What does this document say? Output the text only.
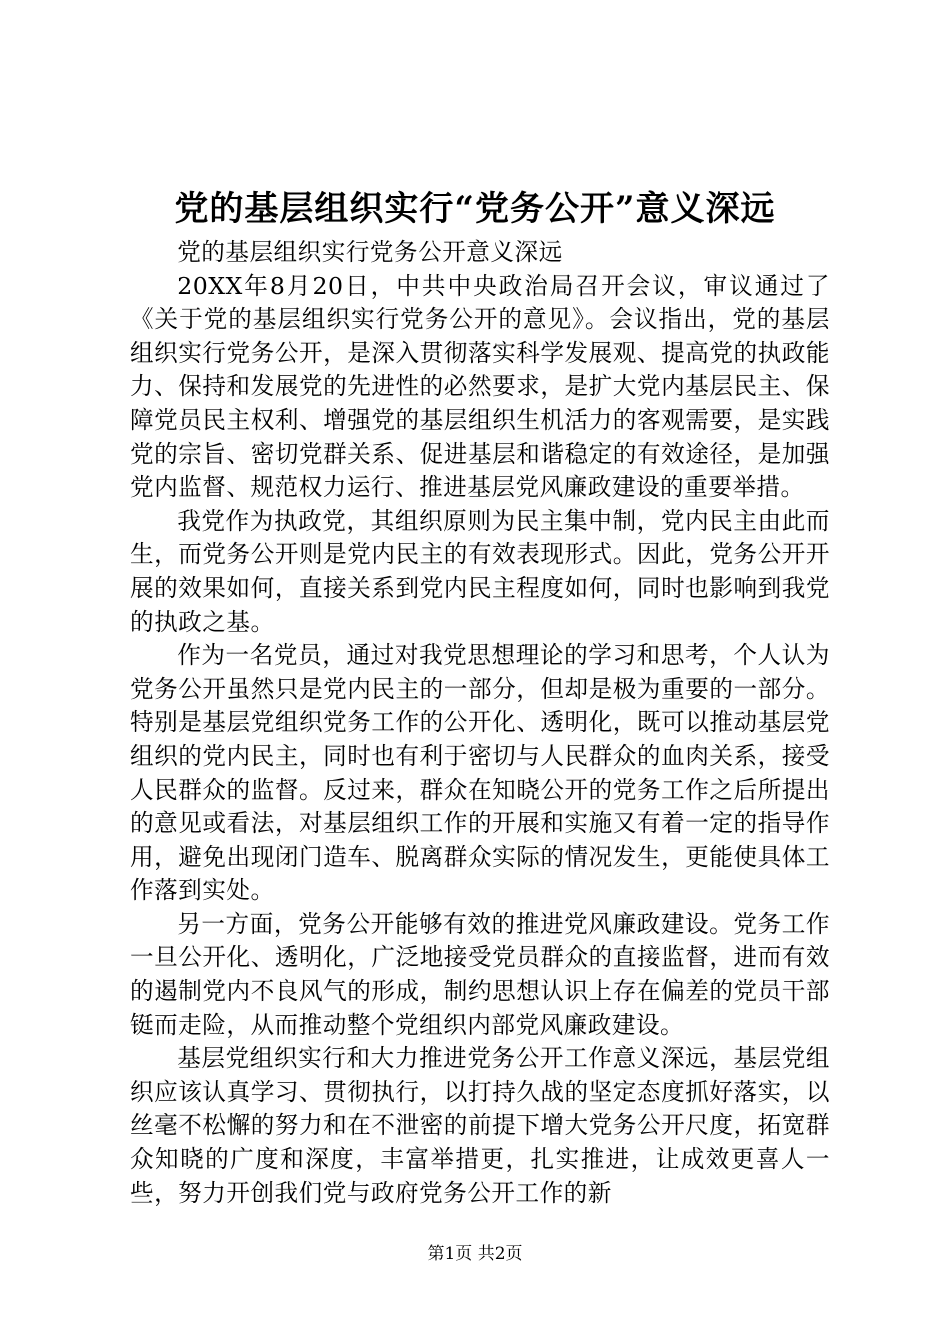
党的基层组织实行“党务公开”意义深远

党的基层组织实行党务公开意义深远

20XX年8月20日，中共中央政治局召开会议，审议通过了《关于党的基层组织实行党务公开的意见》。会议指出，党的基层组织实行党务公开，是深入贯彻落实科学发展观、提高党的执政能力、保持和发展党的先进性的必然要求，是扩大党内基层民主、保障党员民主权利、增强党的基层组织生机活力的客观需要，是实践党的宗旨、密切党群关系、促进基层和谐稳定的有效途径，是加强党内监督、规范权力运行、推进基层党风廉政建设的重要举措。

我党作为执政党，其组织原则为民主集中制，党内民主由此而生，而党务公开则是党内民主的有效表现形式。因此，党务公开开展的效果如何，直接关系到党内民主程度如何，同时也影响到我党的执政之基。

作为一名党员，通过对我党思想理论的学习和思考，个人认为党务公开虽然只是党内民主的一部分，但却是极为重要的一部分。特别是基层党组织党务工作的公开化、透明化，既可以推动基层党组织的党内民主，同时也有利于密切与人民群众的血肉关系，接受人民群众的监督。反过来，群众在知晓公开的党务工作之后所提出的意见或看法，对基层组织工作的开展和实施又有着一定的指导作用，避免出现闭门造车、脱离群众实际的情况发生，更能使具体工作落到实处。

另一方面，党务公开能够有效的推进党风廉政建设。党务工作一旦公开化、透明化，广泛地接受党员群众的直接监督，进而有效的遏制党内不良风气的形成，制约思想认识上存在偏差的党员干部铤而走险，从而推动整个党组织内部党风廉政建设。

基层党组织实行和大力推进党务公开工作意义深远，基层党组织应该认真学习、贯彻执行，以打持久战的坚定态度抓好落实，以丝毫不松懈的努力和在不泄密的前提下增大党务公开尺度，拓宽群众知晓的广度和深度，丰富举措更，扎实推进，让成效更喜人一些，努力开创我们党与政府党务公开工作的新

第1页 共2页
